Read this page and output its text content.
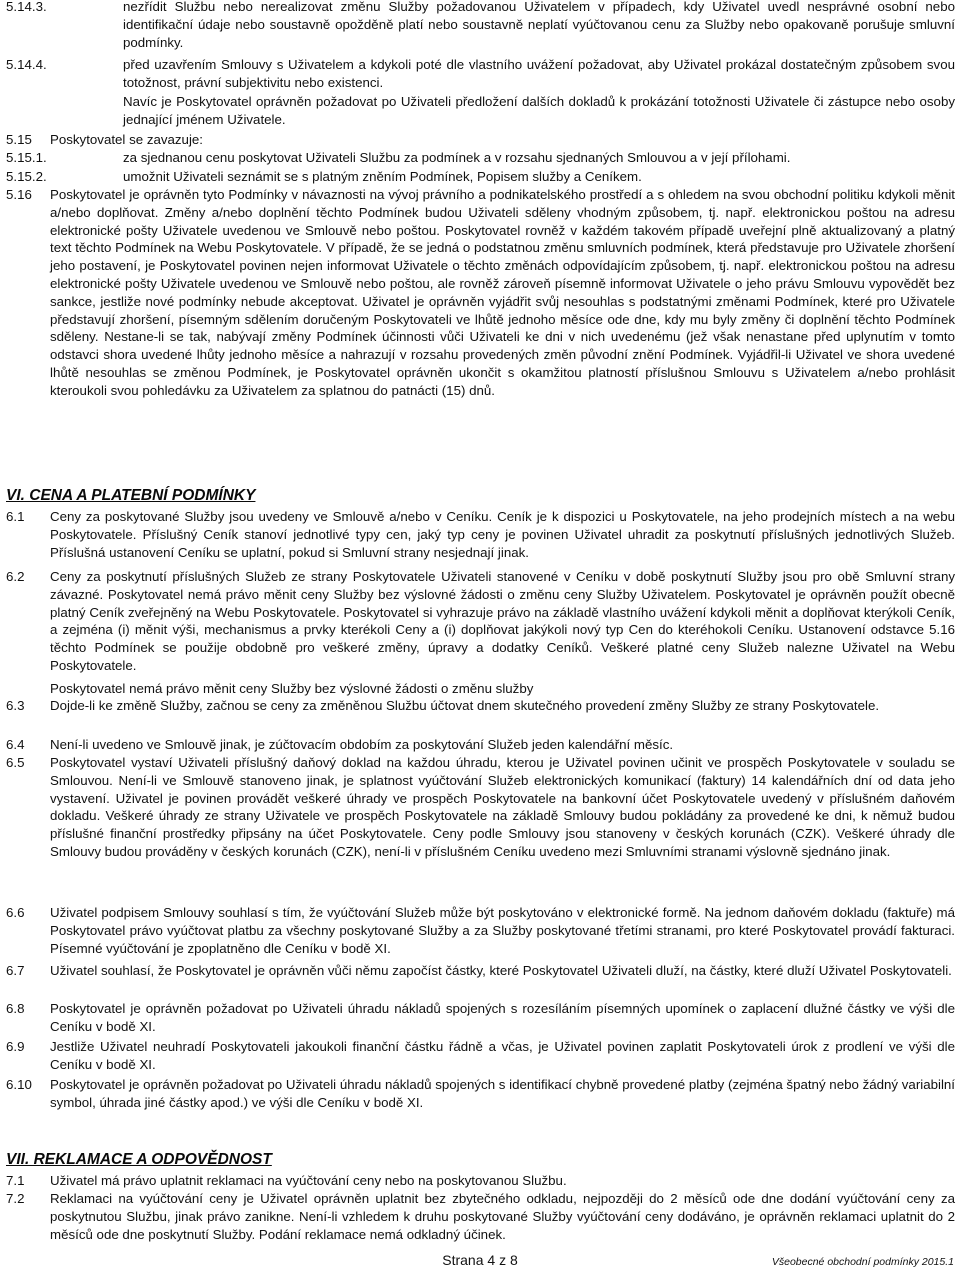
5.14.3.	nezřídit Službu nebo nerealizovat změnu Služby požadovanou Uživatelem v případech, kdy Uživatel uvedl nesprávné osobní nebo identifikační údaje nebo soustavně opožděně platí nebo soustavně neplatí vyúčtovanou cenu za Služby nebo opakovaně porušuje smluvní podmínky.
5.14.4.	před uzavřením Smlouvy s Uživatelem a kdykoli poté dle vlastního uvážení požadovat, aby Uživatel prokázal dostatečným způsobem svou totožnost, právní subjektivitu nebo existenci.
Navíc je Poskytovatel oprávněn požadovat po Uživateli předložení dalších dokladů k prokázání totožnosti Uživatele či zástupce nebo osoby jednající jménem Uživatele.
5.15 Poskytovatel se zavazuje:
5.15.1.	za sjednanou cenu poskytovat Uživateli Službu za podmínek a v rozsahu sjednaných Smlouvou a v její přílohami.
5.15.2.	umožnit Uživateli seznámit se s platným zněním Podmínek, Popisem služby a Ceníkem.
5.16 Poskytovatel je oprávněn tyto Podmínky v návaznosti na vývoj právního a podnikatelského prostředí a s ohledem na svou obchodní politiku kdykoli měnit a/nebo doplňovat. Změny a/nebo doplnění těchto Podmínek budou Uživateli sděleny vhodným způsobem, tj. např. elektronickou poštou na adresu elektronické pošty Uživatele uvedenou ve Smlouvě nebo poštou. Poskytovatel rovněž v každém takovém případě uveřejní plně aktualizovaný a platný text těchto Podmínek na Webu Poskytovatele. V případě, že se jedná o podstatnou změnu smluvních podmínek, která představuje pro Uživatele zhoršení jeho postavení, je Poskytovatel povinen nejen informovat Uživatele o těchto změnách odpovídajícím způsobem, tj. např. elektronickou poštou na adresu elektronické pošty Uživatele uvedenou ve Smlouvě nebo poštou, ale rovněž zároveň písemně informovat Uživatele o jeho právu Smlouvu vypovědět bez sankce, jestliže nové podmínky nebude akceptovat. Uživatel je oprávněn vyjádřit svůj nesouhlas s podstatnými změnami Podmínek, které pro Uživatele představují zhoršení, písemným sdělením doručeným Poskytovateli ve lhůtě jednoho měsíce ode dne, kdy mu byly změny či doplnění těchto Podmínek sděleny. Nestane-li se tak, nabývají změny Podmínek účinnosti vůči Uživateli ke dni v nich uvedenému (jež však nenastane před uplynutím v tomto odstavci shora uvedené lhůty jednoho měsíce a nahrazují v rozsahu provedených změn původní znění Podmínek. Vyjádřil-li Uživatel ve shora uvedené lhůtě nesouhlas se změnou Podmínek, je Poskytovatel oprávněn ukončit s okamžitou platností příslušnou Smlouvu s Uživatelem a/nebo prohlásit kteroukoli svou pohledávku za Uživatelem za splatnou do patnácti (15) dnů.
VI. CENA A PLATEBNÍ PODMÍNKY
6.1 Ceny za poskytované Služby jsou uvedeny ve Smlouvě a/nebo v Ceníku. Ceník je k dispozici u Poskytovatele, na jeho prodejních místech a na webu Poskytovatele. Příslušný Ceník stanoví jednotlivé typy cen, jaký typ ceny je povinen Uživatel uhradit za poskytnutí příslušných jednotlivých Služeb. Příslušná ustanovení Ceníku se uplatní, pokud si Smluvní strany nesjednají jinak.
6.2 Ceny za poskytnutí příslušných Služeb ze strany Poskytovatele Uživateli stanovené v Ceníku v době poskytnutí Služby jsou pro obě Smluvní strany závazné. Poskytovatel nemá právo měnit ceny Služby bez výslovné žádosti o změnu ceny Služby Uživatelem. Poskytovatel je oprávněn použít obecně platný Ceník zveřejněný na Webu Poskytovatele. Poskytovatel si vyhrazuje právo na základě vlastního uvážení kdykoli měnit a doplňovat kterýkoli Ceník, a zejména (i) měnit výši, mechanismus a prvky kterékoli Ceny a (i) doplňovat jakýkoli nový typ Cen do kteréhokoli Ceníku. Ustanovení odstavce 5.16 těchto Podmínek se použije obdobně pro veškeré změny, úpravy a dodatky Ceníků. Veškeré platné ceny Služeb nalezne Uživatel na Webu Poskytovatele.
Poskytovatel nemá právo měnit ceny Služby bez výslovné žádosti o změnu služby
6.3 Dojde-li ke změně Služby, začnou se ceny za změněnou Službu účtovat dnem skutečného provedení změny Služby ze strany Poskytovatele.
6.4 Není-li uvedeno ve Smlouvě jinak, je zúčtovacím obdobím za poskytování Služeb jeden kalendářní měsíc.
6.5 Poskytovatel vystaví Uživateli příslušný daňový doklad na každou úhradu, kterou je Uživatel povinen učinit ve prospěch Poskytovatele v souladu se Smlouvou. Není-li ve Smlouvě stanoveno jinak, je splatnost vyúčtování Služeb elektronických komunikací (faktury) 14 kalendářních dní od data jeho vystavení. Uživatel je povinen provádět veškeré úhrady ve prospěch Poskytovatele na bankovní účet Poskytovatele uvedený v příslušném daňovém dokladu. Veškeré úhrady ze strany Uživatele ve prospěch Poskytovatele na základě Smlouvy budou pokládány za provedené ke dni, k němuž budou příslušné finanční prostředky připsány na účet Poskytovatele. Ceny podle Smlouvy jsou stanoveny v českých korunách (CZK). Veškeré úhrady dle Smlouvy budou prováděny v českých korunách (CZK), není-li v příslušném Ceníku uvedeno mezi Smluvními stranami výslovně sjednáno jinak.
6.6 Uživatel podpisem Smlouvy souhlasí s tím, že vyúčtování Služeb může být poskytováno v elektronické formě. Na jednom daňovém dokladu (faktuře) má Poskytovatel právo vyúčtovat platbu za všechny poskytované Služby a za Služby poskytované třetími stranami, pro které Poskytovatel provádí fakturaci. Písemné vyúčtování je zpoplatněno dle Ceníku v bodě XI.
6.7 Uživatel souhlasí, že Poskytovatel je oprávněn vůči němu započíst částky, které Poskytovatel Uživateli dluží, na částky, které dluží Uživatel Poskytovateli.
6.8 Poskytovatel je oprávněn požadovat po Uživateli úhradu nákladů spojených s rozesíláním písemných upomínek o zaplacení dlužné částky ve výši dle Ceníku v bodě XI.
6.9 Jestliže Uživatel neuhradí Poskytovateli jakoukoli finanční částku řádně a včas, je Uživatel povinen zaplatit Poskytovateli úrok z prodlení ve výši dle Ceníku v bodě XI.
6.10 Poskytovatel je oprávněn požadovat po Uživateli úhradu nákladů spojených s identifikací chybně provedené platby (zejména špatný nebo žádný variabilní symbol, úhrada jiné částky apod.) ve výši dle Ceníku v bodě XI.
VII. REKLAMACE A ODPOVĚDNOST
7.1 Uživatel má právo uplatnit reklamaci na vyúčtování ceny nebo na poskytovanou Službu.
7.2 Reklamaci na vyúčtování ceny je Uživatel oprávněn uplatnit bez zbytečného odkladu, nejpozději do 2 měsíců ode dne dodání vyúčtování ceny za poskytnutou Službu, jinak právo zanikne. Není-li vzhledem k druhu poskytované Služby vyúčtování ceny dodáváno, je oprávněn reklamaci uplatnit do 2 měsíců ode dne poskytnutí Služby. Podání reklamace nemá odkladný účinek.
Strana 4 z 8	Všeobecné obchodní podmínky 2015.1
